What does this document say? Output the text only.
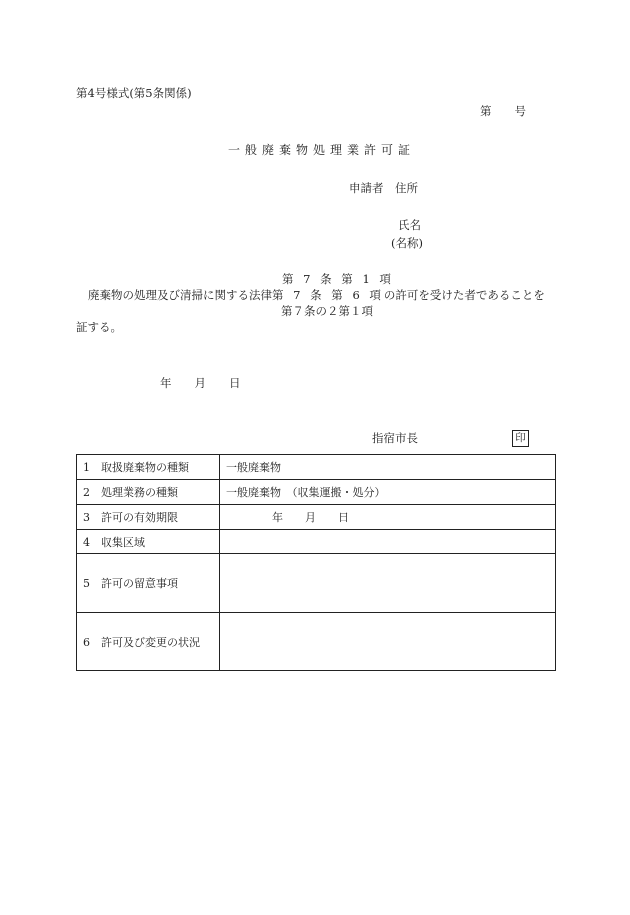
第4号様式(第5条関係)
第　　号
一般廃棄物処理業許可証
申請者　住所
氏名
(名称)
第 7 条 第 1 項
廃棄物の処理及び清掃に関する法律第 7 条 第 6 項の許可を受けた者であることを
第７条の２第１項
証する。
年　　月　　日
指宿市長	印
1 取扱廃棄物の種類	一般廃棄物
2 処理業務の種類	一般廃棄物　（収集運搬・処分）
3 許可の有効期限	年　　月　　日
4 収集区域	
5 許可の留意事項	
6 許可及び変更の状況	
